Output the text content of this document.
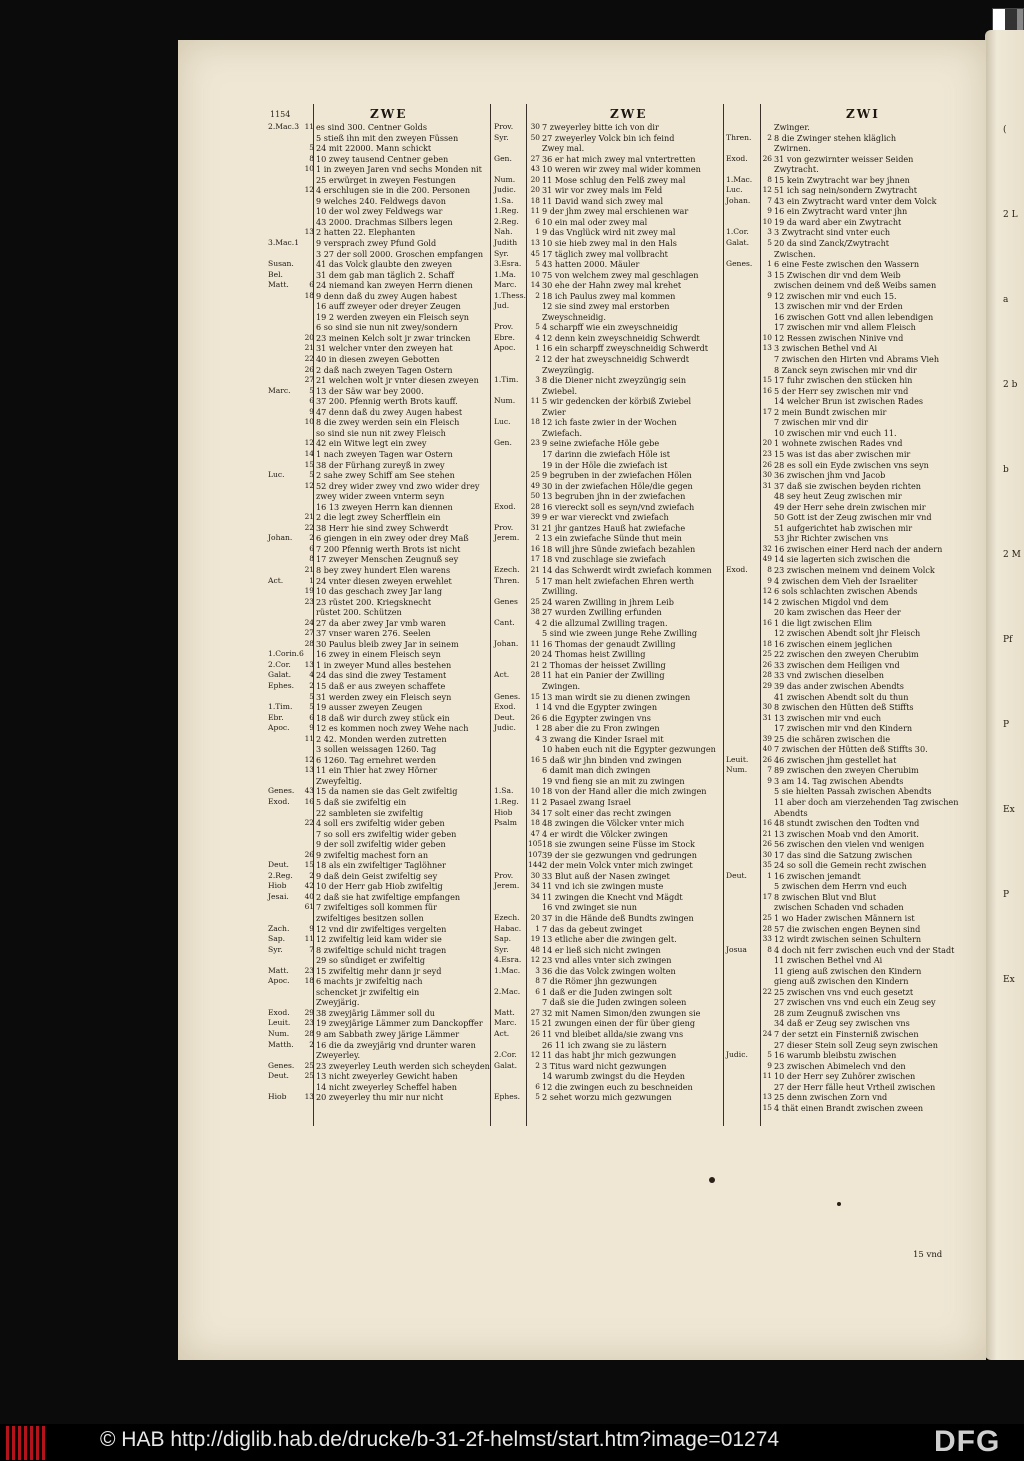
(
2 L
a
2 b
b
2 M
Pf
P
Ex
P
Ex
1154	ZWE	ZWE	ZWI
2.Mac.3 11 es sind 300. Centner Golds
5 stieß ihn mit den zweyen Füssen
5 24 mit 22000. Mann schickt
8 10 zwey tausend Centner geben
10 1 in zweyen Jaren vnd sechs Monden nit
25 erwürget in zweyen Festungen
12 4 erschlugen sie in die 200. Personen
9 welches 240. Feldwegs davon
10 der wol zwey Feldwegs war
43 2000. Drachmas Silbers legen
13 2 hatten 22. Elephanten
3.Mac.1	9 versprach zwey Pfund Gold
3 27 der soll 2000. Groschen empfangen
Susan.	41 das Volck glaubte den zweyen
Bel.	31 dem gab man täglich 2. Schaff
Matt.	6 24 niemand kan zweyen Herrn dienen
18 9 denn daß du zwey Augen habest
16 auff zweyer oder dreyer Zeugen
19 2 werden zweyen ein Fleisch seyn
6 so sind sie nun nit zwey/sondern
20 23 meinen Kelch solt jr zwar trincken
21 31 welcher vnter den zweyen hat
22 40 in diesen zweyen Gebotten
26 2 daß nach zweyen Tagen Ostern
27 21 welchen wolt jr vnter diesen zweyen
Marc.	5 13 der Säw war bey 2000.
6 37 200. Pfennig werth Brots kauff.
9 47 denn daß du zwey Augen habest
10 8 die zwey werden sein ein Fleisch
so sind sie nun nit zwey Fleisch
12 42 ein Witwe legt ein zwey
14 1 nach zweyen Tagen war Ostern
15 38 der Fürhang zureyß in zwey
Luc.	5 2 sahe zwey Schiff am See stehen
12 52 drey wider zwey vnd zwo wider drey
zwey wider zween vnterm seyn
16 13 zweyen Herrn kan diennen
21 2 die legt zwey Scherfflein ein
22 38 Herr hie sind zwey Schwerdt
Johan.	2 6 giengen in ein zwey oder drey Maß
6 7 200 Pfennig werth Brots ist nicht
8 17 zweyer Menschen Zeugnuß sey
21 8 bey zwey hundert Elen warens
Act.	1 24 vnter diesen zweyen erwehlet
19 10 das geschach zwey Jar lang
23 23 rüstet 200. Kriegsknecht
rüstet 200. Schützen
24 27 da aber zwey Jar vmb waren
27 37 vnser waren 276. Seelen
28 30 Paulus bleib zwey Jar in seinem
1.Corin.6 16 zwey in einem Fleisch seyn
2.Cor.	13 1 in zweyer Mund alles bestehen
Galat.	4 24 das sind die zwey Testament
Ephes.	2 15 daß er aus zweyen schaffete
5 31 werden zwey ein Fleisch seyn
1.Tim.	5 19 ausser zweyen Zeugen
Ebr.	6 18 daß wir durch zwey stück ein
Apoc.	9 12 es kommen noch zwey Wehe nach
11 2 42. Monden werden zutretten
3 sollen weissagen 1260. Tag
12 6 1260. Tag ernehret werden
13 11 ein Thier hat zwey Hörner
Zweyfeltig.
Genes.	43 15 da namen sie das Gelt zwifeltig
Exod.	16 5 daß sie zwifeltig ein
22 sambleten sie zwifeltig
22 4 soll ers zwifeltig wider geben
7 so soll ers zwifeltig wider geben
9 der soll zwifeltig wider geben
26 9 zwifeltig machest forn an
Deut.	15 18 als ein zwifeltiger Taglöhner
2.Reg.	2 9 daß dein Geist zwifeltig sey
Hiob	42 10 der Herr gab Hiob zwifeltig
Jesai.	40 2 daß sie hat zwifeltige empfangen
61 7 zwifeltiges soll kommen für
zwifeltiges besitzen sollen
Zach.	9 12 vnd dir zwifeltiges vergelten
Sap.	11 12 zwifeltig leid kam wider sie
Syr.	7 8 zwifeltige schuld nicht tragen
29 so sündiget er zwifeltig
Matt.	23 15 zwifeltig mehr dann jr seyd
Apoc.	18 6 machts jr zwifeltig nach
schencket jr zwifeltig ein
Zweyjärig.
Exod.	29 38 zweyjärig Lämmer soll du
Leuit.	23 19 zweyjärige Lämmer zum Danckopffer
Num.	28 9 am Sabbath zwey järige Lämmer
Matth.	2 16 die da zweyjärig vnd drunter waren
Zweyerley.
Genes.	25 23 zweyerley Leuth werden sich scheyden
Deut.	25 13 nicht zweyerley Gewicht haben
14 nicht zweyerley Scheffel haben
Hiob	13 20 zweyerley thu mir nur nicht
Prov.	30 7 zweyerley bitte ich von dir
Syr.	50 27 zweyerley Volck bin ich feind
Zwey mal.
Gen.	27 36 er hat mich zwey mal vntertretten
43 10 weren wir zwey mal wider kommen
Num.	20 11 Mose schlug den Felß zwey mal
Judic.	20 31 wir vor zwey mals im Feld
1.Sa.	18 11 David wand sich zwey mal
1.Reg.	11 9 der jhm zwey mal erschienen war
2.Reg.	6 10 ein mal oder zwey mal
Nah.	1 9 das Vnglück wird nit zwey mal
Judith	13 10 sie hieb zwey mal in den Hals
Syr.	45 17 täglich zwey mal vollbracht
3.Esra.	5 43 hatten 2000. Mäuler
1.Ma.	10 75 von welchem zwey mal geschlagen
Marc.	14 30 ehe der Hahn zwey mal krehet
1.Thess.	2 18 ich Paulus zwey mal kommen
Jud.	12 sie sind zwey mal erstorben
Zweyschneidig.
Prov.	5 4 scharpff wie ein zweyschneidig
Ebre.	4 12 denn kein zweyschneidig Schwerdt
Apoc.	1 16 ein scharpff zweyschneidig Schwerdt
2 12 der hat zweyschneidig Schwerdt
Zweyzüngig.
1.Tim.	3 8 die Diener nicht zweyzüngig sein
Zwiebel.
Num.	11 5 wir gedencken der körbiß Zwiebel
Zwier
Luc.	18 12 ich faste zwier in der Wochen
Zwiefach.
Gen.	23 9 seine zwiefache Höle gebe
17 darinn die zwiefach Höle ist
19 in der Höle die zwiefach ist
25 9 begruben in der zwiefachen Hölen
49 30 in der zwiefachen Höle/die gegen
50 13 begruben jhn in der zwiefachen
Exod.	28 16 viereckt soll es seyn/vnd zwiefach
39 9 er war viereckt vnd zwiefach
Prov.	31 21 jhr gantzes Hauß hat zwiefache
Jerem.	2 13 ein zwiefache Sünde thut mein
16 18 will jhre Sünde zwiefach bezahlen
17 18 vnd zuschlage sie zwiefach
Ezech.	21 14 das Schwerdt wirdt zwiefach kommen
Thren.	5 17 man helt zwiefachen Ehren werth
Zwilling.
Genes	25 24 waren Zwilling in jhrem Leib
38 27 wurden Zwilling erfunden
Cant.	4 2 die allzumal Zwilling tragen.
5 sind wie zween junge Rehe Zwilling
Johan.	11 16 Thomas der genaudt Zwilling
20 24 Thomas heist Zwilling
21 2 Thomas der heisset Zwilling
Act.	28 11 hat ein Panier der Zwilling
Zwingen.
Genes.	15 13 man wirdt sie zu dienen zwingen
Exod.	1 14 vnd die Egypter zwingen
Deut.	26 6 die Egypter zwingen vns
Judic.	1 28 aber die zu Fron zwingen
4 3 zwang die Kinder Israel mit
10 haben euch nit die Egypter gezwungen
16 5 daß wir jhn binden vnd zwingen
6 damit man dich zwingen
19 vnd fieng sie an mit zu zwingen
1.Sa.	10 18 von der Hand aller die mich zwingen
1.Reg.	11 2 Pasael zwang Israel
Hiob	34 17 solt einer das recht zwingen
Psalm	18 48 zwingen die Völcker vnter mich
47 4 er wirdt die Völcker zwingen
105 18 sie zwungen seine Füsse im Stock
107 39 der sie gezwungen vnd gedrungen
144 2 der mein Volck vnter mich zwinget
Prov.	30 33 Blut auß der Nasen zwinget
Jerem.	34 11 vnd ich sie zwingen muste
34 11 zwingen die Knecht vnd Mägdt
16 vnd zwinget sie nun
Ezech.	20 37 in die Hände deß Bundts zwingen
Habac.	1 7 das da gebeut zwinget
Sap.	19 13 etliche aber die zwingen gelt.
Syr.	48 14 er ließ sich nicht zwingen
4.Esra.	12 23 vnd alles vnter sich zwingen
1.Mac.	3 36 die das Volck zwingen wolten
8 7 die Römer jhn gezwungen
2.Mac.	6 1 daß er die Juden zwingen solt
7 daß sie die Juden zwingen soleen
Matt.	27 32 mit Namen Simon/den zwungen sie
Marc.	15 21 zwungen einen der für über gieng
Act.	26 11 vnd bleibet allda/sie zwang vns
26 11 ich zwang sie zu lästern
2.Cor.	12 11 das habt jhr mich gezwungen
Galat.	2 3 Titus ward nicht gezwungen
14 warumb zwingst du die Heyden
6 12 die zwingen euch zu beschneiden
Ephes.	5 2 sehet worzu mich gezwungen
Zwinger.
Thren.	2 8 die Zwinger stehen kläglich
Zwirnen.
Exod.	26 31 von gezwirnter weisser Seiden
Zwytracht.
1.Mac.	8 15 kein Zwytracht war bey jhnen
Luc.	12 51 ich sag nein/sondern Zwytracht
Johan.	7 43 ein Zwytracht ward vnter dem Volck
9 16 ein Zwytracht ward vnter jhn
10 19 da ward aber ein Zwytracht
1.Cor.	3 3 Zwytracht sind vnter euch
Galat.	5 20 da sind Zanck/Zwytracht
Zwischen.
Genes.	1 6 eine Feste zwischen den Wassern
3 15 Zwischen dir vnd dem Weib
zwischen deinem vnd deß Weibs samen
9 12 zwischen mir vnd euch 15.
13 zwischen mir vnd der Erden
16 zwischen Gott vnd allen lebendigen
17 zwischen mir vnd allem Fleisch
10 12 Ressen zwischen Ninive vnd
13 3 zwischen Bethel vnd Ai
7 zwischen den Hirten vnd Abrams Vieh
8 Zanck seyn zwischen mir vnd dir
15 17 fuhr zwischen den stücken hin
16 5 der Herr sey zwischen mir vnd
14 welcher Brun ist zwischen Rades
17 2 mein Bundt zwischen mir
7 zwischen mir vnd dir
10 zwischen mir vnd euch 11.
20 1 wohnete zwischen Rades vnd
23 15 was ist das aber zwischen mir
26 28 es soll ein Eyde zwischen vns seyn
30 36 zwischen jhm vnd Jacob
31 37 daß sie zwischen beyden richten
48 sey heut Zeug zwischen mir
49 der Herr sehe drein zwischen mir
50 Gott ist der Zeug zwischen mir vnd
51 aufgerichtet hab zwischen mir
53 jhr Richter zwischen vns
32 16 zwischen einer Herd nach der andern
49 14 sie lagerten sich zwischen die
Exod.	8 23 zwischen meinem vnd deinem Volck
9 4 zwischen dem Vieh der Israeliter
12 6 sols schlachten zwischen Abends
14 2 zwischen Migdol vnd dem
20 kam zwischen das Heer der
16 1 die ligt zwischen Elim
12 zwischen Abendt solt jhr Fleisch
18 16 zwischen einem jeglichen
25 22 zwischen den zweyen Cherubim
26 33 zwischen dem Heiligen vnd
28 33 vnd zwischen dieselben
29 39 das ander zwischen Abendts
41 zwischen Abendt solt du thun
30 8 zwischen den Hütten deß Stiffts
31 13 zwischen mir vnd euch
17 zwischen mir vnd den Kindern
39 25 die schären zwischen die
40 7 zwischen der Hütten deß Stiffts 30.
Leuit.	26 46 zwischen jhm gestellet hat
Num.	7 89 zwischen den zweyen Cherubim
9 3 am 14. Tag zwischen Abendts
5 sie hielten Passah zwischen Abendts
11 aber doch am vierzehenden Tag zwischen
Abendts
16 48 stundt zwischen den Todten vnd
21 13 zwischen Moab vnd den Amorit.
26 56 zwischen den vielen vnd wenigen
30 17 das sind die Satzung zwischen
35 24 so soll die Gemein recht zwischen
Deut.	1 16 zwischen jemandt
5 zwischen dem Herrn vnd euch
17 8 zwischen Blut vnd Blut
zwischen Schaden vnd schaden
25 1 wo Hader zwischen Männern ist
28 57 die zwischen engen Beynen sind
33 12 wirdt zwischen seinen Schultern
Josua	8 4 doch nit ferr zwischen euch vnd der Stadt
11 zwischen Bethel vnd Ai
11 gieng auß zwischen den Kindern
gieng auß zwischen den Kindern
22 25 zwischen vns vnd euch gesetzt
27 zwischen vns vnd euch ein Zeug sey
28 zum Zeugnuß zwischen vns
34 daß er Zeug sey zwischen vns
24 7 der setzt ein Finsterniß zwischen
27 dieser Stein soll Zeug seyn zwischen
Judic.	5 16 warumb bleibstu zwischen
9 23 zwischen Abimelech vnd den
11 10 der Herr sey Zuhörer zwischen
27 der Herr fälle heut Vrtheil zwischen
13 25 denn zwischen Zorn vnd
15 4 thät einen Brandt zwischen zween
15 vnd
© HAB http://diglib.hab.de/drucke/b-31-2f-helmst/start.htm?image=01274	DFG
